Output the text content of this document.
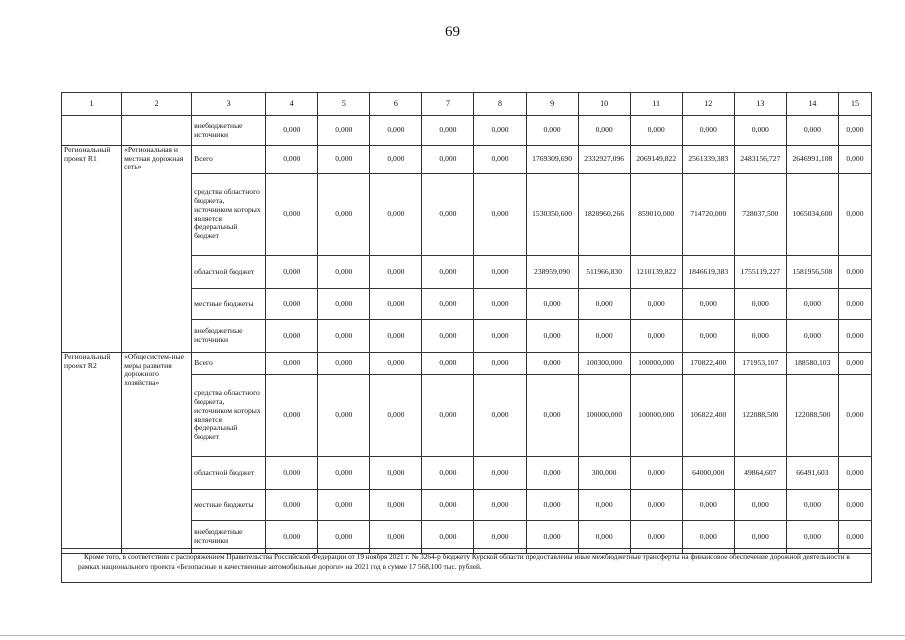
69
1	2	3	4	5	6	7	8	9	10	11	12	13	14	15
		внебюджетные источники	0,000	0,000	0,000	0,000	0,000	0,000	0,000	0,000	0,000	0,000	0,000	0,000
Региональный проект R1	«Региональная и местная дорожная сеть»	Всего	0,000	0,000	0,000	0,000	0,000	1769309,690	2332927,096	2069149,822	2561339,383	2483156,727	2646991,108	0,000
		средства областного бюджета, источником которых является федеральный бюджет	0,000	0,000	0,000	0,000	0,000	1530350,600	1820960,266	859010,000	714720,000	728037,500	1065034,600	0,000
		областной бюджет	0,000	0,000	0,000	0,000	0,000	238959,090	511966,830	1210139,822	1846619,383	1755119,227	1581956,508	0,000
		местные бюджеты	0,000	0,000	0,000	0,000	0,000	0,000	0,000	0,000	0,000	0,000	0,000	0,000
		внебюджетные источники	0,000	0,000	0,000	0,000	0,000	0,000	0,000	0,000	0,000	0,000	0,000	0,000
Региональный проект R2	«Общесистем-ные меры развития дорожного хозяйства»	Всего	0,000	0,000	0,000	0,000	0,000	0,000	100300,000	100000,000	170822,400	171953,107	188580,103	0,000
		средства областного бюджета, источником которых является федеральный бюджет	0,000	0,000	0,000	0,000	0,000	0,000	100000,000	100000,000	106822,400	122088,500	122088,500	0,000
		областной бюджет	0,000	0,000	0,000	0,000	0,000	0,000	300,000	0,000	64000,000	49864,607	66491,603	0,000
		местные бюджеты	0,000	0,000	0,000	0,000	0,000	0,000	0,000	0,000	0,000	0,000	0,000	0,000
		внебюджетные источники	0,000	0,000	0,000	0,000	0,000	0,000	0,000	0,000	0,000	0,000	0,000	0,000
Кроме того, в соответствии с распоряжением Правительства Российской Федерации от 19 ноября 2021 г. № 3264-р бюджету Курской области предоставлены иные межбюджетные трансферты на финансовое обеспечение дорожной деятельности в рамках национального проекта «Безопасные и качественные автомобильные дороги» на 2021 год в сумме 17 568,100 тыс. рублей.
